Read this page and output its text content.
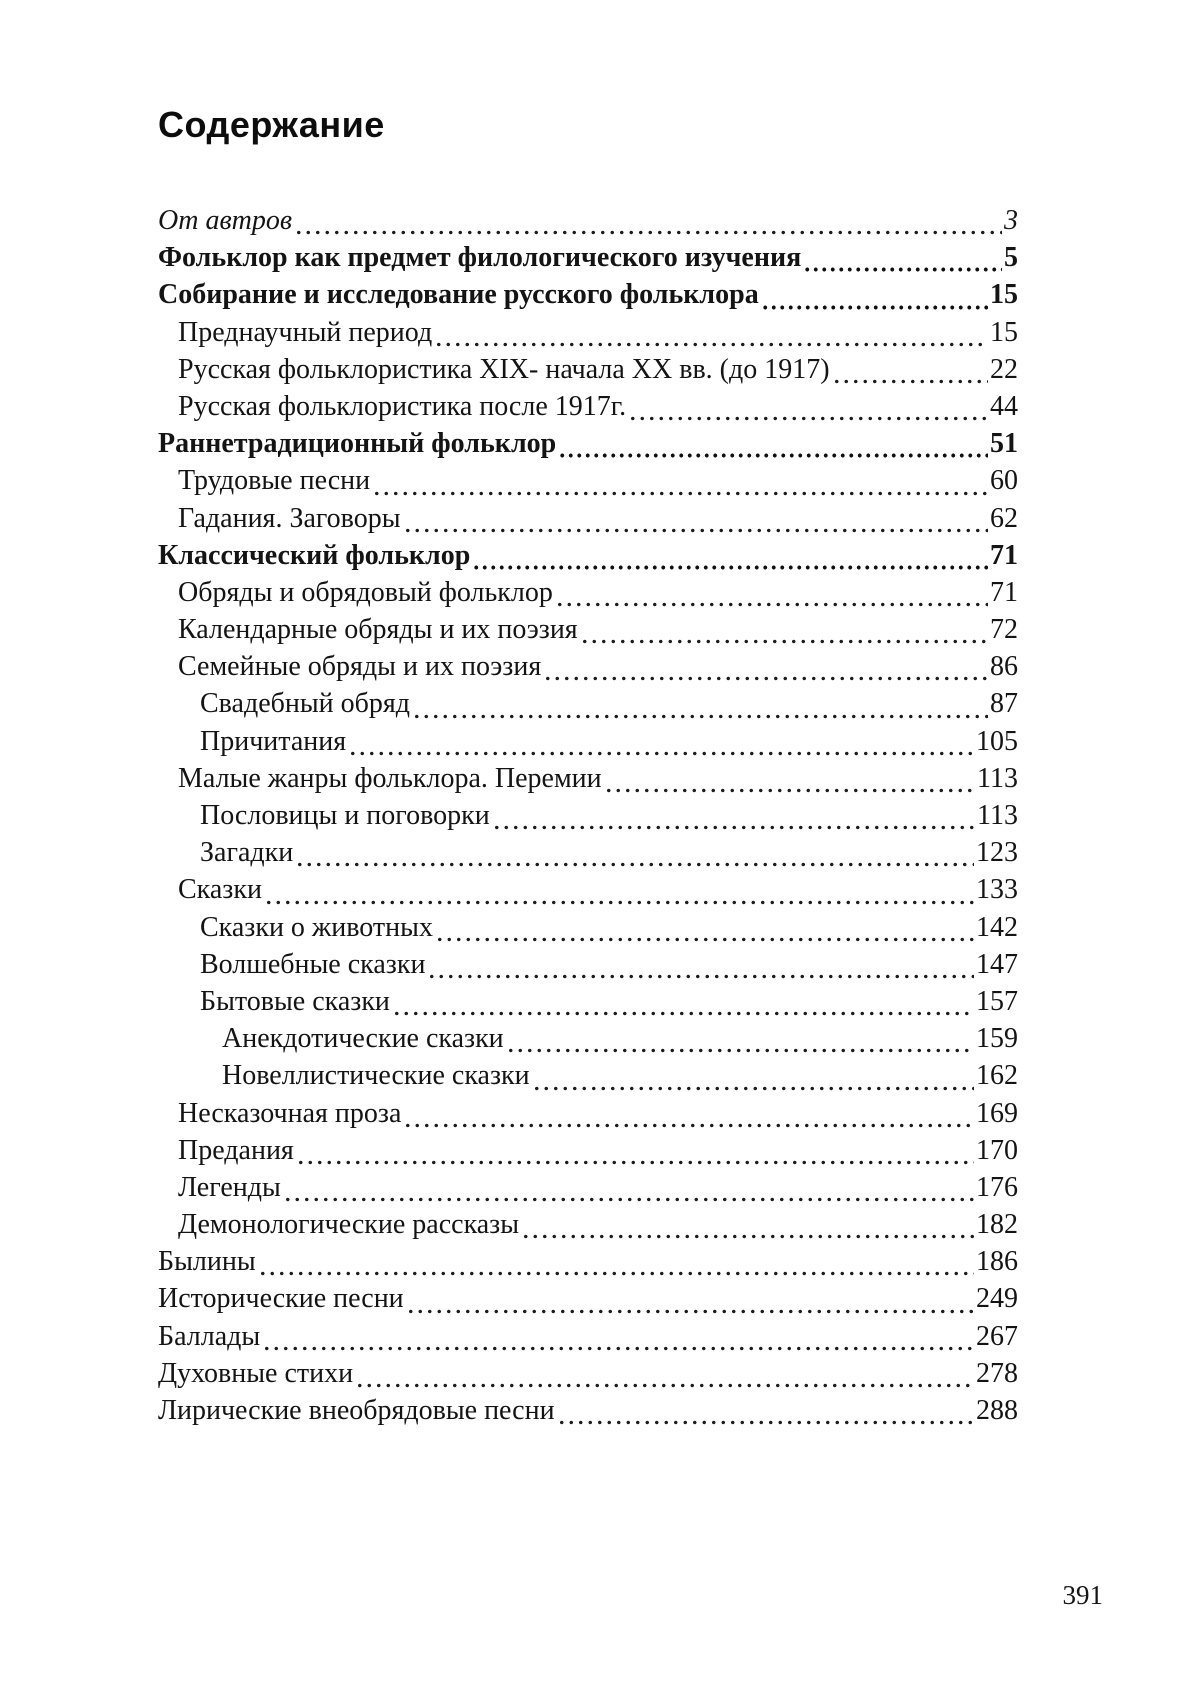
Содержание
От автров	3
Фольклор как предмет филологического изучения	5
Собирание и исследование русского фольклора	15
Преднаучный период	15
Русская фольклористика XIX- начала XX вв. (до 1917)	22
Русская фольклористика после 1917г.	44
Раннетрадиционный фольклор	51
Трудовые песни	60
Гадания. Заговоры	62
Классический фольклор	71
Обряды и обрядовый фольклор	71
Календарные обряды и их поэзия	72
Семейные обряды и их поэзия	86
Свадебный обряд	87
Причитания	105
Малые жанры фольклора. Перемии	113
Пословицы и поговорки	113
Загадки	123
Сказки	133
Сказки о животных	142
Волшебные сказки	147
Бытовые сказки	157
Анекдотические сказки	159
Новеллистические сказки	162
Несказочная проза	169
Предания	170
Легенды	176
Демонологические рассказы	182
Былины	186
Исторические песни	249
Баллады	267
Духовные стихи	278
Лирические внеобрядовые песни	288
391
